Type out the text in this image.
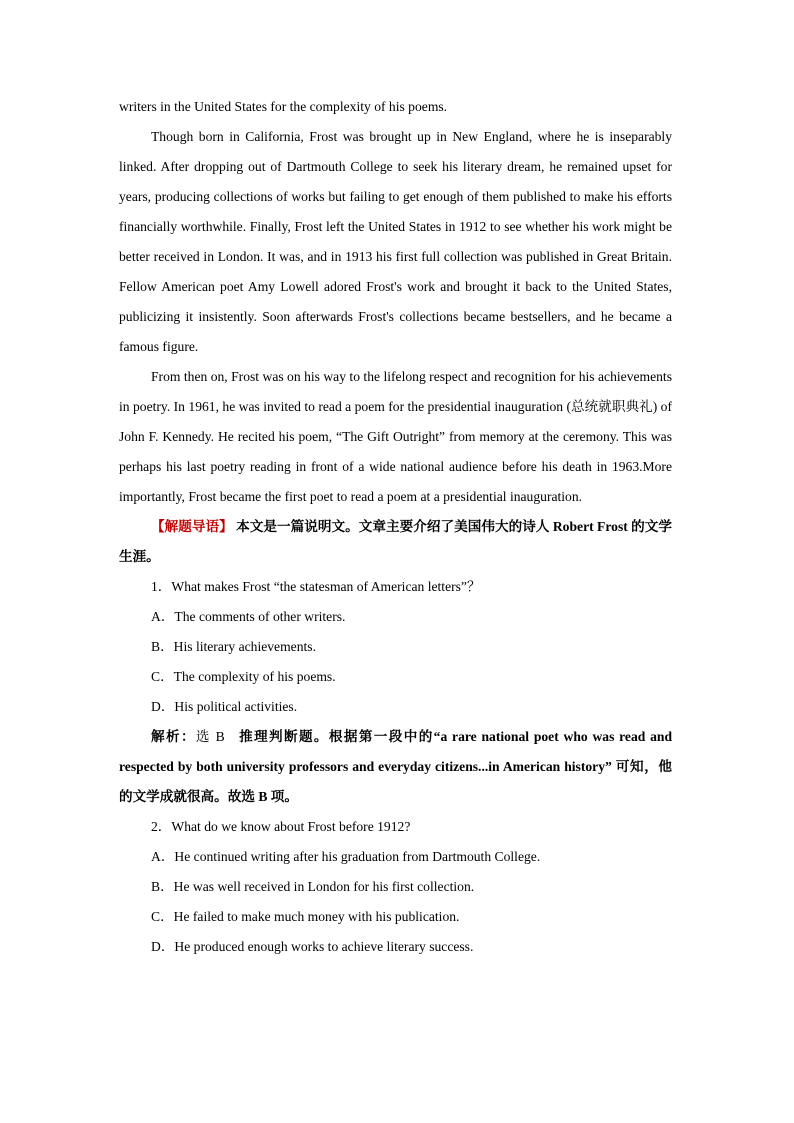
writers in the United States for the complexity of his poems.

Though born in California, Frost was brought up in New England, where he is inseparably linked. After dropping out of Dartmouth College to seek his literary dream, he remained upset for years, producing collections of works but failing to get enough of them published to make his efforts financially worthwhile. Finally, Frost left the United States in 1912 to see whether his work might be better received in London. It was, and in 1913 his first full collection was published in Great Britain. Fellow American poet Amy Lowell adored Frost's work and brought it back to the United States, publicizing it insistently. Soon afterwards Frost's collections became bestsellers, and he became a famous figure.

From then on, Frost was on his way to the lifelong respect and recognition for his achievements in poetry. In 1961, he was invited to read a poem for the presidential inauguration (总统就职典礼) of John F. Kennedy. He recited his poem, “The Gift Outright” from memory at the ceremony. This was perhaps his last poetry reading in front of a wide national audience before his death in 1963.More importantly, Frost became the first poet to read a poem at a presidential inauguration.

【解题导语】 本文是一篇说明文。文章主要介绍了美国伟大的诗人 Robert Frost 的文学生涯。

1．What makes Frost “the statesman of American letters”？

A．The comments of other writers.

B．His literary achievements.

C．The complexity of his poems.

D．His political activities.

解析：选 B 推理判断题。根据第一段中的“a rare national poet who was read and respected by both university professors and everyday citizens...in American history” 可知，他的文学成就很高。故选 B 项。

2．What do we know about Frost before 1912?

A．He continued writing after his graduation from Dartmouth College.

B．He was well received in London for his first collection.

C．He failed to make much money with his publication.

D．He produced enough works to achieve literary success.
